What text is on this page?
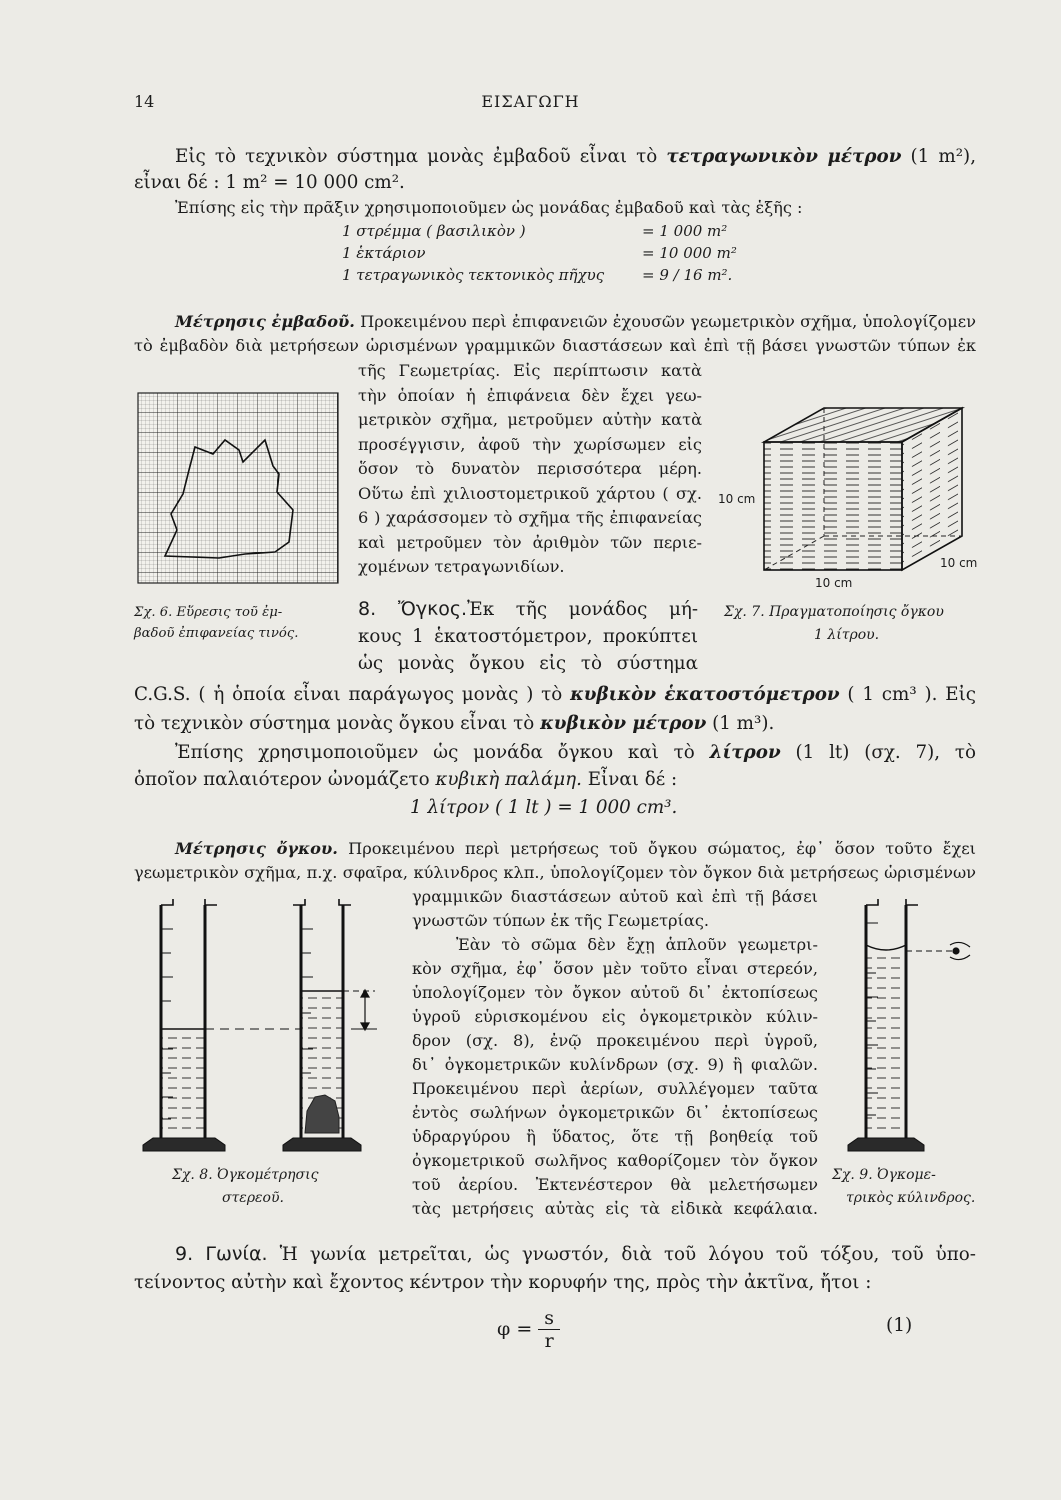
14	ΕΙΣΑΓΩΓΗ
Εἰς τὸ τεχνικὸν σύστημα μονὰς ἐμβαδοῦ εἶναι τὸ τετραγωνικὸν μέτρον (1 m²),
εἶναι δέ : 1 m² = 10 000 cm².
Ἐπίσης εἰς τὴν πρᾶξιν χρησιμοποιοῦμεν ὡς μονάδας ἐμβαδοῦ καὶ τὰς ἑξῆς :
1 στρέμμα ( βασιλικὸν )	= 1 000 m²
1 ἑκτάριον	= 10 000 m²
1 τετραγωνικὸς τεκτονικὸς πῆχυς	= 9 / 16 m².
Μέτρησις ἐμβαδοῦ. Προκειμένου περὶ ἐπιφανειῶν ἐχουσῶν γεωμετρικὸν σχῆμα, ὑπολογίζομεν
τὸ ἐμβαδὸν διὰ μετρήσεων ὡρισμένων γραμμικῶν διαστάσεων καὶ ἐπὶ τῇ βάσει γνωστῶν τύπων ἐκ
τῆς Γεωμετρίας. Εἰς περίπτωσιν κατὰ
τὴν ὁποίαν ἡ ἐπιφάνεια δὲν ἔχει γεω-
μετρικὸν σχῆμα, μετροῦμεν αὐτὴν κατὰ
προσέγγισιν, ἀφοῦ τὴν χωρίσωμεν εἰς
ὅσον τὸ δυνατὸν περισσότερα μέρη.
Οὕτω ἐπὶ χιλιοστομετρικοῦ χάρτου ( σχ.
6 ) χαράσσομεν τὸ σχῆμα τῆς ἐπιφανείας
καὶ μετροῦμεν τὸν ἀριθμὸν τῶν περιε-
χομένων τετραγωνιδίων.
Σχ. 6. Εὕρεσις τοῦ ἐμ-
βαδοῦ ἐπιφανείας τινός.
10 cm
10 cm
10 cm
Σχ. 7. Πραγματοποίησις ὄγκου
1 λίτρου.
8. Ὄγκος.Ἐκ τῆς μονάδος μή-
κους 1 ἑκατοστόμετρον, προκύπτει
ὡς μονὰς ὄγκου εἰς τὸ σύστημα
C.G.S. ( ἡ ὁποία εἶναι παράγωγος μονὰς ) τὸ κυβικὸν ἑκατοστόμετρον ( 1 cm³ ). Εἰς
τὸ τεχνικὸν σύστημα μονὰς ὄγκου εἶναι τὸ κυβικὸν μέτρον (1 m³).
Ἐπίσης χρησιμοποιοῦμεν ὡς μονάδα ὄγκου καὶ τὸ λίτρον (1 lt) (σχ. 7), τὸ
ὁποῖον παλαιότερον ὠνομάζετο κυβικὴ παλάμη. Εἶναι δέ :
1 λίτρον ( 1 lt ) = 1 000 cm³.
Μέτρησις ὄγκου. Προκειμένου περὶ μετρήσεως τοῦ ὄγκου σώματος, ἐφ᾽ ὅσον τοῦτο ἔχει
γεωμετρικὸν σχῆμα, π.χ. σφαῖρα, κύλινδρος κλπ., ὑπολογίζομεν τὸν ὄγκον διὰ μετρήσεως ὡρισμένων
γραμμικῶν διαστάσεων αὐτοῦ καὶ ἐπὶ τῇ βάσει
γνωστῶν τύπων ἐκ τῆς Γεωμετρίας.
Ἐὰν τὸ σῶμα δὲν ἔχῃ ἁπλοῦν γεωμετρι-
κὸν σχῆμα, ἐφ᾽ ὅσον μὲν τοῦτο εἶναι στερεόν,
ὑπολογίζομεν τὸν ὄγκον αὐτοῦ δι᾽ ἐκτοπίσεως
ὑγροῦ εὑρισκομένου εἰς ὀγκομετρικὸν κύλιν-
δρον (σχ. 8), ἐνῷ προκειμένου περὶ ὑγροῦ,
δι᾽ ὀγκομετρικῶν κυλίνδρων (σχ. 9) ἢ φιαλῶν.
Προκειμένου περὶ ἀερίων, συλλέγομεν ταῦτα
ἐντὸς σωλήνων ὀγκομετρικῶν δι᾽ ἐκτοπίσεως
ὑδραργύρου ἢ ὕδατος, ὅτε τῇ βοηθείᾳ τοῦ
ὀγκομετρικοῦ σωλῆνος καθορίζομεν τὸν ὄγκον
τοῦ ἀερίου. Ἐκτενέστερον θὰ μελετήσωμεν
τὰς μετρήσεις αὐτὰς εἰς τὰ εἰδικὰ κεφάλαια.
Σχ. 8. Ὀγκομέτρησις
στερεοῦ.
Σχ. 9. Ὀγκομε-
τρικὸς κύλινδρος.
9. Γωνία. Ἡ γωνία μετρεῖται, ὡς γνωστόν, διὰ τοῦ λόγου τοῦ τόξου, τοῦ ὑπο-
τείνοντος αὐτὴν καὶ ἔχοντος κέντρον τὴν κορυφήν της, πρὸς τὴν ἀκτῖνα, ἤτοι :
$\varphi = \frac{s}{r}$	(1)
